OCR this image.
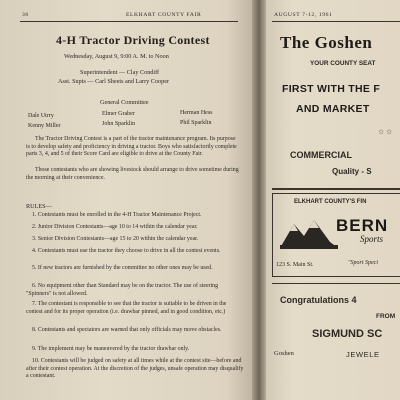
36	ELKHART COUNTY FAIR
4-H Tractor Driving Contest
Wednesday, August 9, 9:00 A. M. to Noon
Superintendent — Clay Condiff
Asst. Supts — Carl Sheets and Larry Cooper
General Committee
Dale Utrry	Elmer Graber	Herman Hess
Kenny Miller	John Sparklin	Phil Sparklin
The Tractor Driving Contest is a part of the tractor maintenance program. Its purpose is to develop safety and proficiency in driving a tractor. Boys who satisfactorily complete parts 3, 4, and 5 of their Score Card are eligible to drive at the County Fair.
Those contestants who are showing livestock should arrange to drive sometime during the morning at their convenience.
RULES—
1. Contestants must be enrolled in the 4-H Tractor Maintenance Project.
2. Junior Division Contestants—age 10 to 14 within the calendar year.
3. Senior Division Contestants—age 15 to 20 within the calendar year.
4. Contestants must use the tractor they choose to drive in all the contest events.
5. If new tractors are furnished by the committee no other ones may be used.
6. No equipment other than Standard may be on the tractor. The use of steering "Spinners" is not allowed.
7. The contestant is responsible to see that the tractor is suitable to be driven in the contest and for its proper operation (i.e. drawbar pinned, and in good condition, etc.)
8. Contestants and spectators are warned that only officials may move obstacles.
9. The implement may be maneuvered by the tractor drawbar only.
10. Contestants will be judged on safety at all times while at the contest site—before and after their contest operation. At the discretion of the judges, unsafe operation may disqualify a contestant.
AUGUST 7-12, 1961
The Goshen
YOUR COUNTY SEAT
FIRST WITH THE F
AND MARKET
☆ ☆
COMMERCIAL
Quality - S
ELKHART COUNTY'S FIN
BERN
Sports
123 S. Main St.	"Sport Speci
Congratulations 4
FROM
SIGMUND SC
Goshen	JEWELE
